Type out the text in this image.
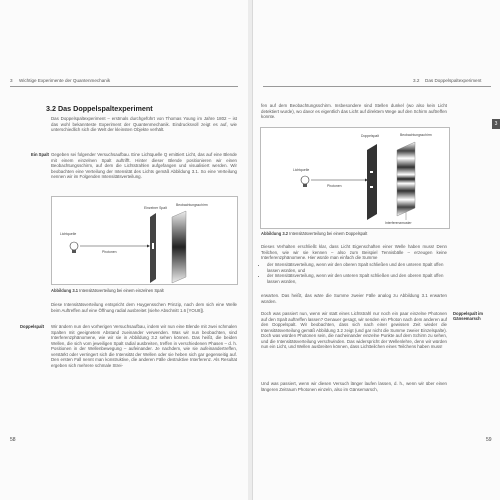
3 Wichtige Experimente der Quantenmechanik
3.2 Das Doppelspaltexperiment

Das Doppelspaltexperiment – erstmals durchgeführt von Thomas Young im Jahre 1802 – ist das wohl bekannteste Experiment der Quantenmechanik. Eindrucksvoll zeigt es auf, wie unterschiedlich sich die Welt der kleinsten Objekte verhält.

Ein Spalt Gegeben sei folgender Versuchsaufbau. Eine Lichtquelle Q emittiert Licht, das auf eine Blende mit einem einzelnen Spalt auftrifft. Hinter dieser Blende positionieren wir einen Beobachtungsschirm, auf dem die Lichtstrahlen aufgefangen und visualisiert werden. Wir beobachten eine Verteilung der Intensität des Lichts gemäß Abbildung 3.1. So eine Verteilung nennen wir im Folgenden Intensitätsverteilung.

Lichtquelle
Photonen
Einzelner Spalt
Beobachtungsschirm
Abbildung 3.1 Intensitätsverteilung bei einem einzelnen Spalt

Diese Intensitätsverteilung entspricht dem Huygensschen Prinzip, nach dem sich eine Welle beim Auftreffen auf eine Öffnung radial ausbreitet (siehe Abschnitt 1.6 [YOU8]).

Doppelspalt Wir ändern nun den vorherigen Versuchsaufbau, indem wir nun eine Blende mit zwei schmalen Spalten mit geeignetem Abstand zueinander verwenden. Was wir nun beobachten, sind Interferenzphänomene, wie wir sie in Abbildung 3.2 sehen können. Das heißt, die beiden Wellen, die sich vom jeweiligen Spalt radial ausbreiten, treffen in verschiedenen Phasen – d. h. Positionen in der Wellenbewegung – aufeinander. Je nachdem, wie sie aufeinandertreffen, verstärkt oder verringert sich die Intensität der Wellen oder sie heben sich gar gegenseitig auf. Den ersten Fall nennt man konstruktive, die anderen Fälle destruktive Interferenz. Als Resultat ergeben sich mehrere schmale Strei-

58
3.2 Das Doppelspaltexperiment

fen auf dem Beobachtungsschirm. Insbesondere sind Stellen dunkel (wo also kein Licht detektiert wurde), wo davor es eigentlich das Licht auf direktem Wege auf den Schirm auftreffen konnte.

Lichtquelle
Photonen
Doppelspalt	Beobachtungsschirm
Interferenzmuster
Abbildung 3.2 Intensitätsverteilung bei einem Doppelspalt

Dieses Verhalten erschließt klar, dass Licht Eigenschaften einer Welle haben muss! Denn Teilchen, wie wir sie kennen – also zum Beispiel Tennisbälle – erzeugen keine Interferenzphänomene. Hier würde man einfach die Summe

• der Intensitätsverteilung, wenn wir den oberen Spalt schließen und den unteren Spalt offen lassen würden, und
• der Intensitätsverteilung, wenn wir den unteren Spalt schließen und den oberen Spalt offen lassen würden,

erwarten. Das heißt, das wäre die Summe zweier Fälle analog zu Abbildung 3.1 erwarten würden.

Doppelspalt im Gänsemarsch

Doch was passiert nun, wenn wir statt eines Lichtstrahl nur noch ein paar einzelne Photonen auf den Spalt auftreffen lassen? Genauer gesagt, wir senden ein Photon nach dem anderen auf den Doppelspalt. Wir beobachten, dass sich nach einer gewissen Zeit wieder die Intensitätsverteilung gemäß Abbildung 3.2 zeigt (und gar nicht die Summe zweier Einzelspalte). Doch was würden Photonen sein, die nacheinander einzelne Punkte auf dem Schirm zu sehen, und die Intensitätsverteilung verschwinden. Das widerspricht der Wellenlehre, denn wir würden nun ein Licht, und Wellen ausbreiten können, dass Lichtteilchen eines Teilchens haben muss!

Und was passiert, wenn wir diesen Versuch länger laufen lassen, d. h., wenn wir über einen längeren Zeitraum Photonen einzeln, also im Gänsemarsch,

59
3
